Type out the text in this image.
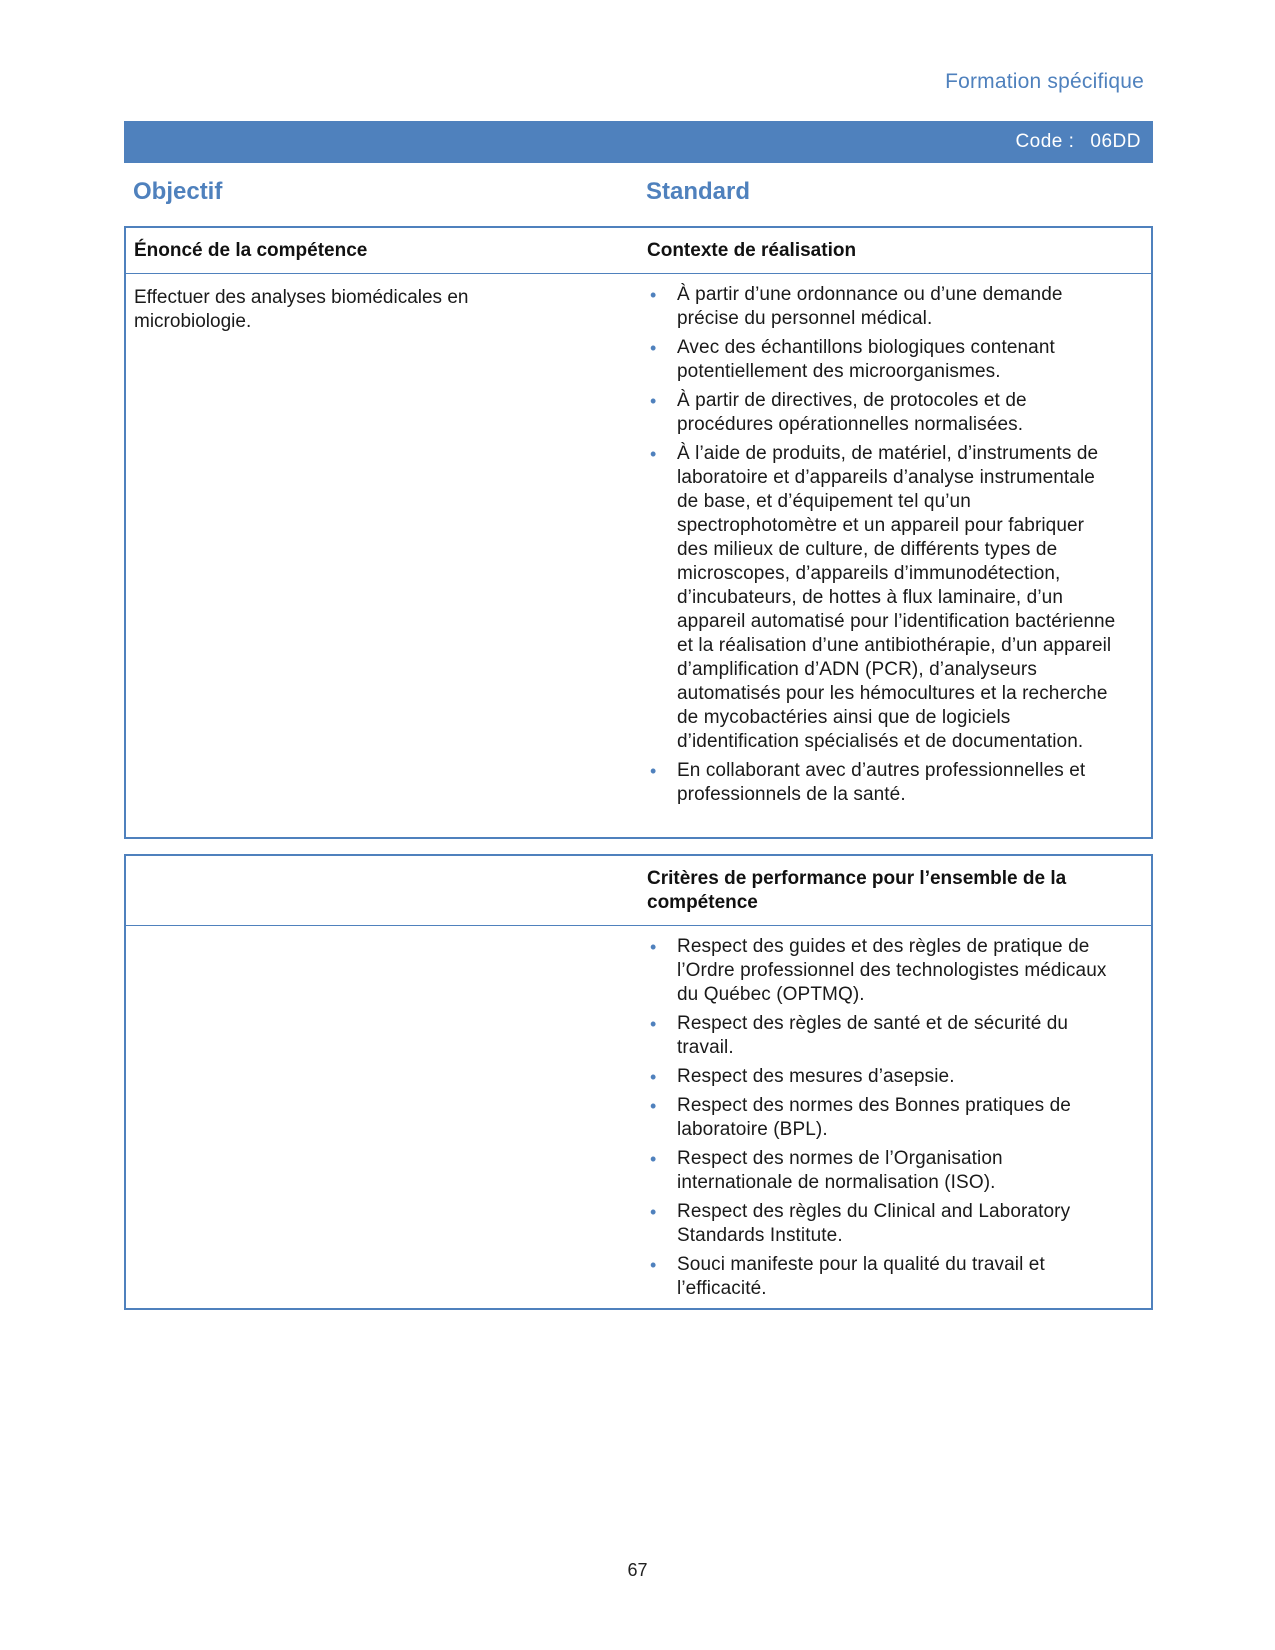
Formation spécifique
Code : 06DD
Objectif	Standard
Énoncé de la compétence	Contexte de réalisation
Effectuer des analyses biomédicales en microbiologie.
• À partir d’une ordonnance ou d’une demande précise du personnel médical.
• Avec des échantillons biologiques contenant potentiellement des microorganismes.
• À partir de directives, de protocoles et de procédures opérationnelles normalisées.
• À l’aide de produits, de matériel, d’instruments de laboratoire et d’appareils d’analyse instrumentale de base, et d’équipement tel qu’un spectrophotomètre et un appareil pour fabriquer des milieux de culture, de différents types de microscopes, d’appareils d’immunodétection, d’incubateurs, de hottes à flux laminaire, d’un appareil automatisé pour l’identification bactérienne et la réalisation d’une antibiothérapie, d’un appareil d’amplification d’ADN (PCR), d’analyseurs automatisés pour les hémocultures et la recherche de mycobactéries ainsi que de logiciels d’identification spécialisés et de documentation.
• En collaborant avec d’autres professionnelles et professionnels de la santé.
Critères de performance pour l’ensemble de la compétence
• Respect des guides et des règles de pratique de l’Ordre professionnel des technologistes médicaux du Québec (OPTMQ).
• Respect des règles de santé et de sécurité du travail.
• Respect des mesures d’asepsie.
• Respect des normes des Bonnes pratiques de laboratoire (BPL).
• Respect des normes de l’Organisation internationale de normalisation (ISO).
• Respect des règles du Clinical and Laboratory Standards Institute.
• Souci manifeste pour la qualité du travail et l’efficacité.
67
